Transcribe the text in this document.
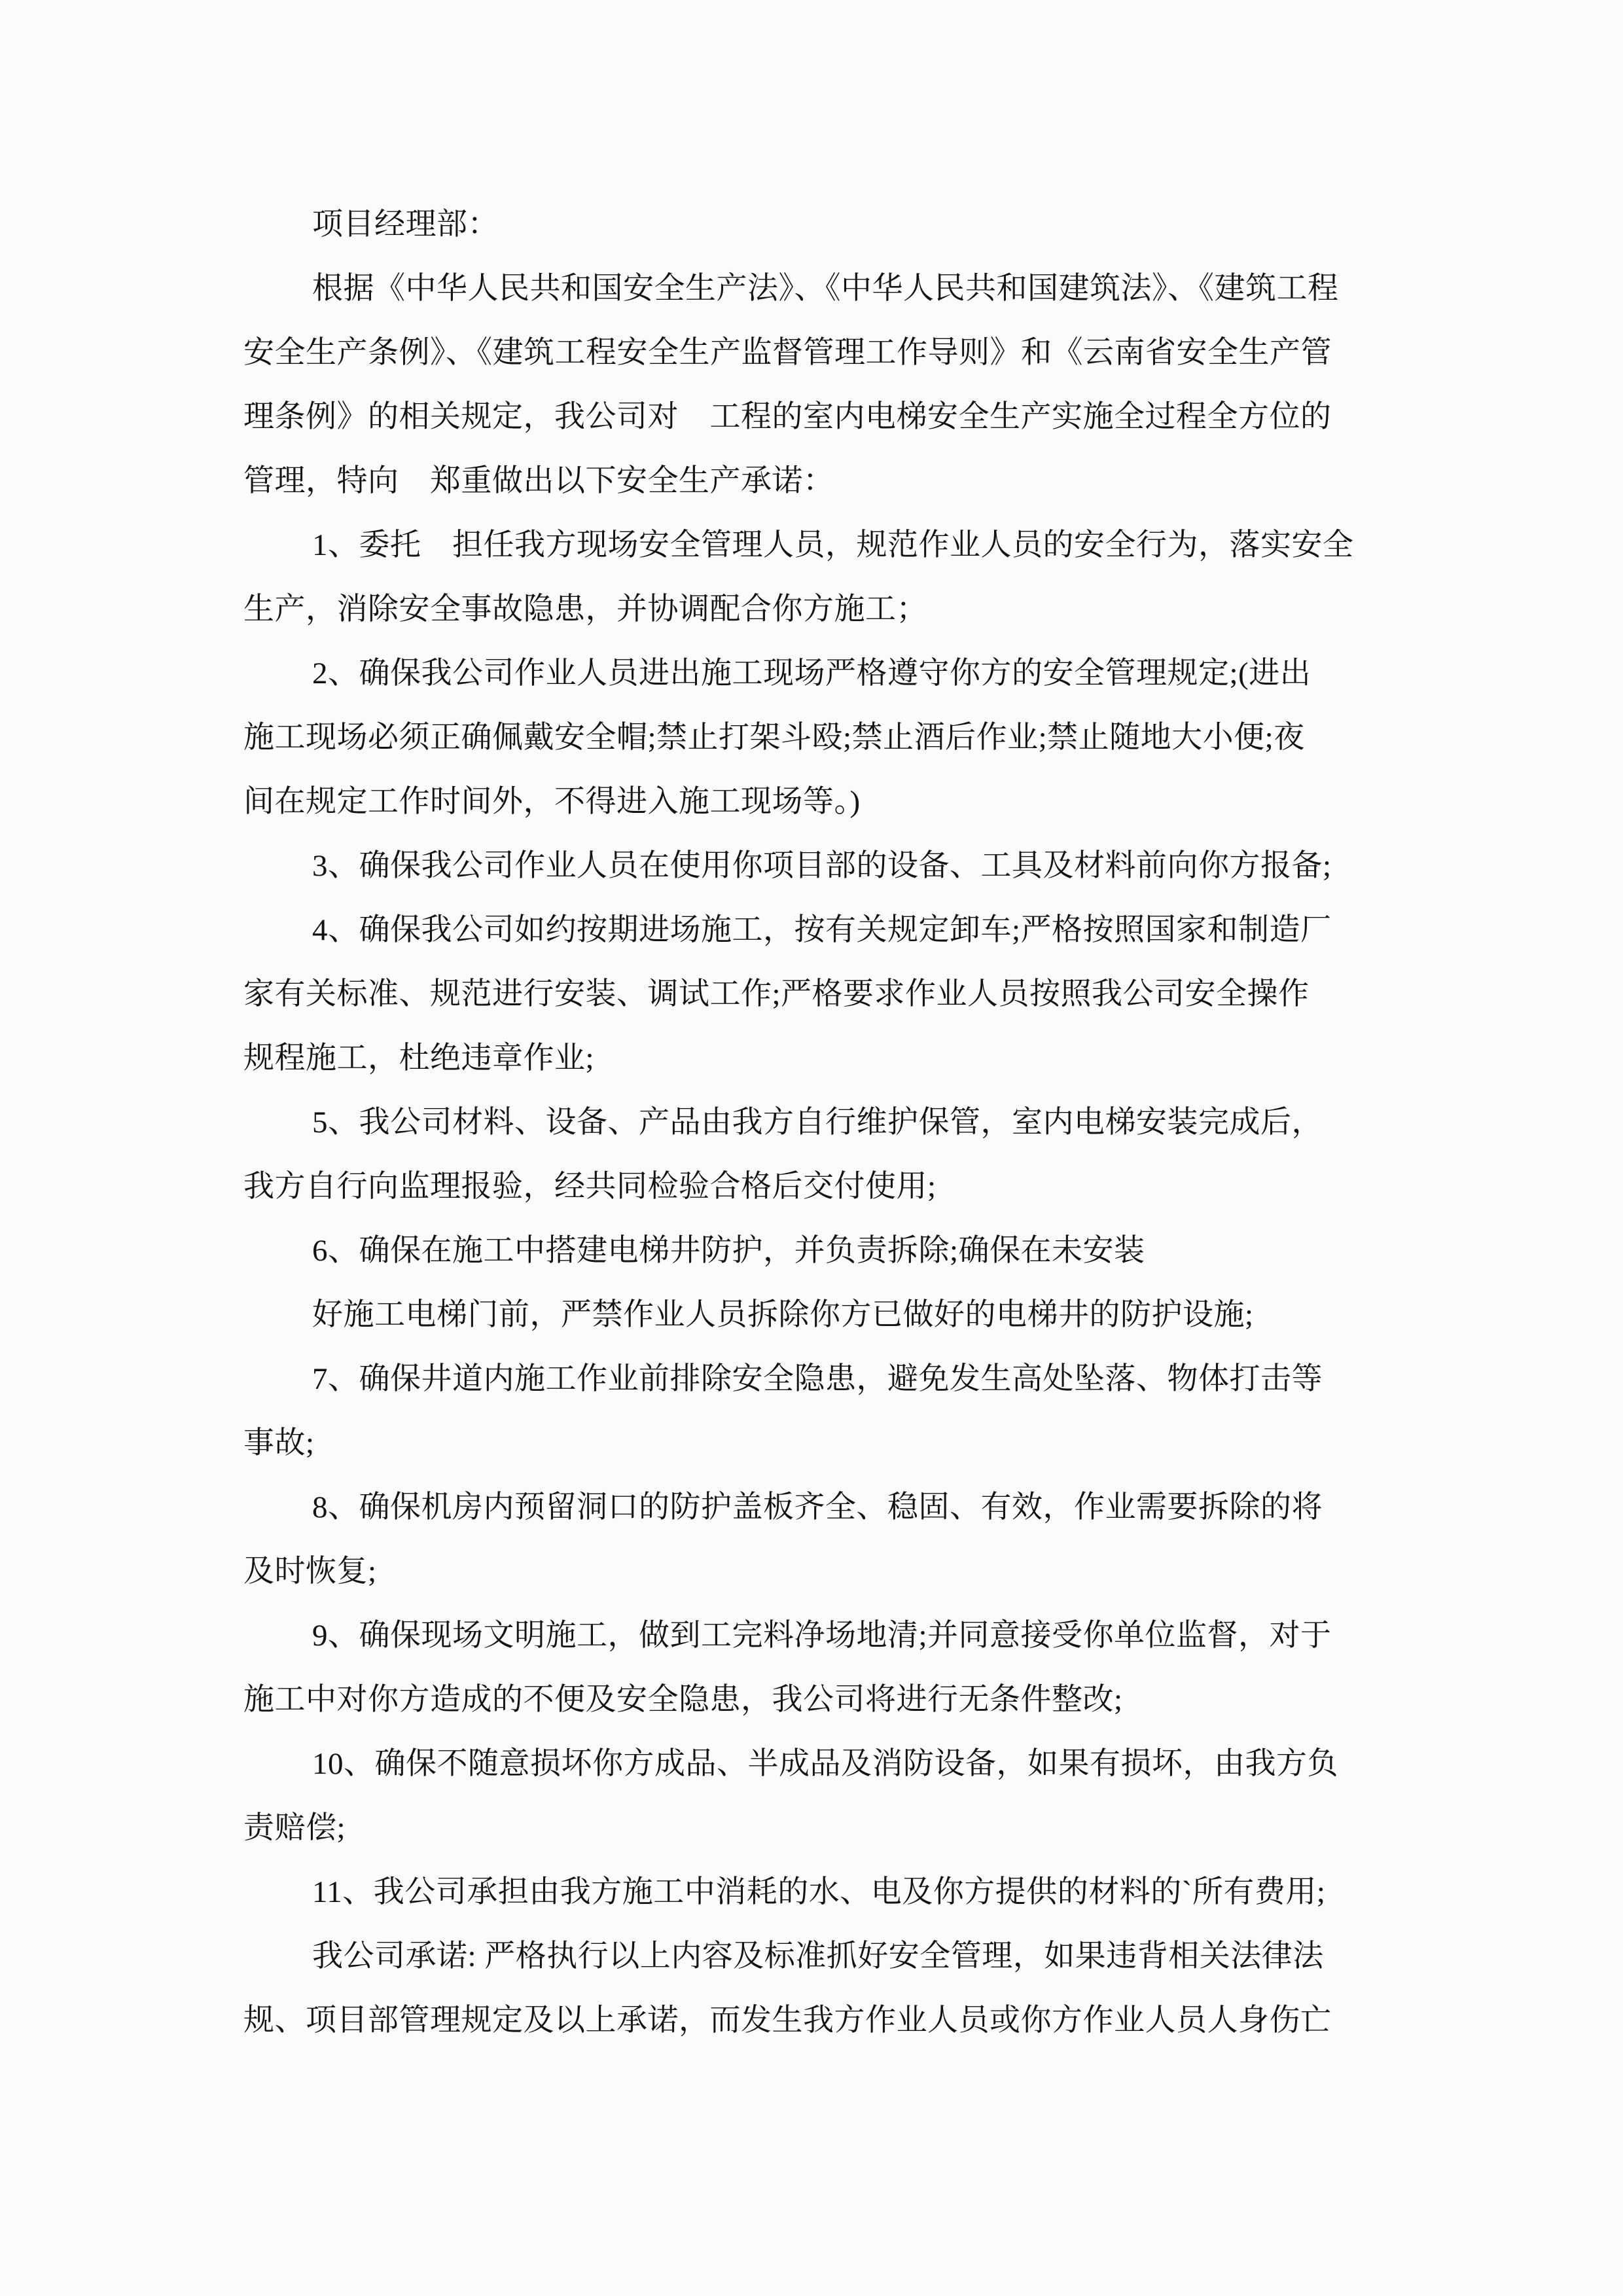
项目经理部：
根据《中华人民共和国安全生产法》、《中华人民共和国建筑法》、《建筑工程
安全生产条例》、《建筑工程安全生产监督管理工作导则》和《云南省安全生产管
理条例》的相关规定，我公司对　工程的室内电梯安全生产实施全过程全方位的
管理，特向　郑重做出以下安全生产承诺：
1、委托　担任我方现场安全管理人员，规范作业人员的安全行为，落实安全
生产，消除安全事故隐患，并协调配合你方施工；
2、确保我公司作业人员进出施工现场严格遵守你方的安全管理规定;(进出
施工现场必须正确佩戴安全帽;禁止打架斗殴;禁止酒后作业;禁止随地大小便;夜
间在规定工作时间外，不得进入施工现场等。)
3、确保我公司作业人员在使用你项目部的设备、工具及材料前向你方报备;
4、确保我公司如约按期进场施工，按有关规定卸车;严格按照国家和制造厂
家有关标准、规范进行安装、调试工作;严格要求作业人员按照我公司安全操作
规程施工，杜绝违章作业;
5、我公司材料、设备、产品由我方自行维护保管，室内电梯安装完成后，
我方自行向监理报验，经共同检验合格后交付使用;
6、确保在施工中搭建电梯井防护，并负责拆除;确保在未安装
好施工电梯门前，严禁作业人员拆除你方已做好的电梯井的防护设施;
7、确保井道内施工作业前排除安全隐患，避免发生高处坠落、物体打击等
事故;
8、确保机房内预留洞口的防护盖板齐全、稳固、有效，作业需要拆除的将
及时恢复;
9、确保现场文明施工，做到工完料净场地清;并同意接受你单位监督，对于
施工中对你方造成的不便及安全隐患，我公司将进行无条件整改;
10、确保不随意损坏你方成品、半成品及消防设备，如果有损坏，由我方负
责赔偿;
11、我公司承担由我方施工中消耗的水、电及你方提供的材料的`所有费用;
我公司承诺: 严格执行以上内容及标准抓好安全管理，如果违背相关法律法
规、项目部管理规定及以上承诺，而发生我方作业人员或你方作业人员人身伤亡
